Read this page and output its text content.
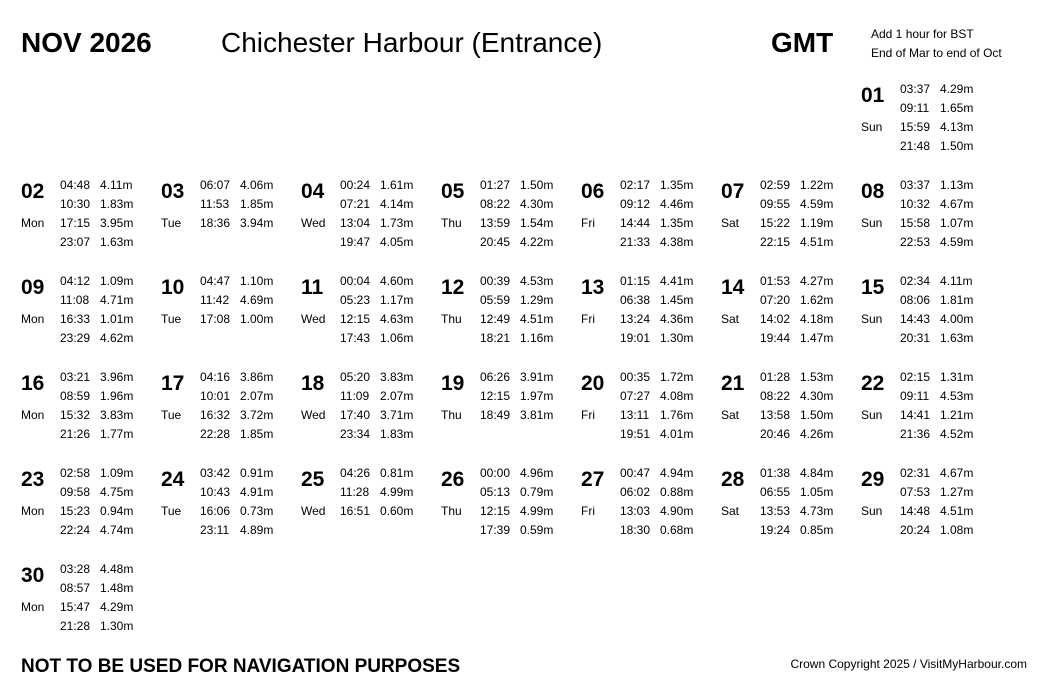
NOV 2026 Chichester Harbour (Entrance)	GMT	Add 1 hour for BST
End of Mar to end of Oct
01
Sun
03:37 4.29m
09:11 1.65m
15:59 4.13m
21:48 1.50m
02
Mon
04:48 4.11m
10:30 1.83m
17:15 3.95m
23:07 1.63m
03
Tue
06:07 4.06m
11:53 1.85m
18:36 3.94m
04
Wed
00:24 1.61m
07:21 4.14m
13:04 1.73m
19:47 4.05m
05
Thu
01:27 1.50m
08:22 4.30m
13:59 1.54m
20:45 4.22m
06
Fri
02:17 1.35m
09:12 4.46m
14:44 1.35m
21:33 4.38m
07
Sat
02:59 1.22m
09:55 4.59m
15:22 1.19m
22:15 4.51m
08
Sun
03:37 1.13m
10:32 4.67m
15:58 1.07m
22:53 4.59m
09
Mon
04:12 1.09m
11:08 4.71m
16:33 1.01m
23:29 4.62m
10
Tue
04:47 1.10m
11:42 4.69m
17:08 1.00m
11
Wed
00:04 4.60m
05:23 1.17m
12:15 4.63m
17:43 1.06m
12
Thu
00:39 4.53m
05:59 1.29m
12:49 4.51m
18:21 1.16m
13
Fri
01:15 4.41m
06:38 1.45m
13:24 4.36m
19:01 1.30m
14
Sat
01:53 4.27m
07:20 1.62m
14:02 4.18m
19:44 1.47m
15
Sun
02:34 4.11m
08:06 1.81m
14:43 4.00m
20:31 1.63m
16
Mon
03:21 3.96m
08:59 1.96m
15:32 3.83m
21:26 1.77m
17
Tue
04:16 3.86m
10:01 2.07m
16:32 3.72m
22:28 1.85m
18
Wed
05:20 3.83m
11:09 2.07m
17:40 3.71m
23:34 1.83m
19
Thu
06:26 3.91m
12:15 1.97m
18:49 3.81m
20
Fri
00:35 1.72m
07:27 4.08m
13:11 1.76m
19:51 4.01m
21
Sat
01:28 1.53m
08:22 4.30m
13:58 1.50m
20:46 4.26m
22
Sun
02:15 1.31m
09:11 4.53m
14:41 1.21m
21:36 4.52m
23
Mon
02:58 1.09m
09:58 4.75m
15:23 0.94m
22:24 4.74m
24
Tue
03:42 0.91m
10:43 4.91m
16:06 0.73m
23:11 4.89m
25
Wed
04:26 0.81m
11:28 4.99m
16:51 0.60m
26
Thu
00:00 4.96m
05:13 0.79m
12:15 4.99m
17:39 0.59m
27
Fri
00:47 4.94m
06:02 0.88m
13:03 4.90m
18:30 0.68m
28
Sat
01:38 4.84m
06:55 1.05m
13:53 4.73m
19:24 0.85m
29
Sun
02:31 4.67m
07:53 1.27m
14:48 4.51m
20:24 1.08m
30
Mon
03:28 4.48m
08:57 1.48m
15:47 4.29m
21:28 1.30m
NOT TO BE USED FOR NAVIGATION PURPOSES	Crown Copyright 2025 / VisitMyHarbour.com
